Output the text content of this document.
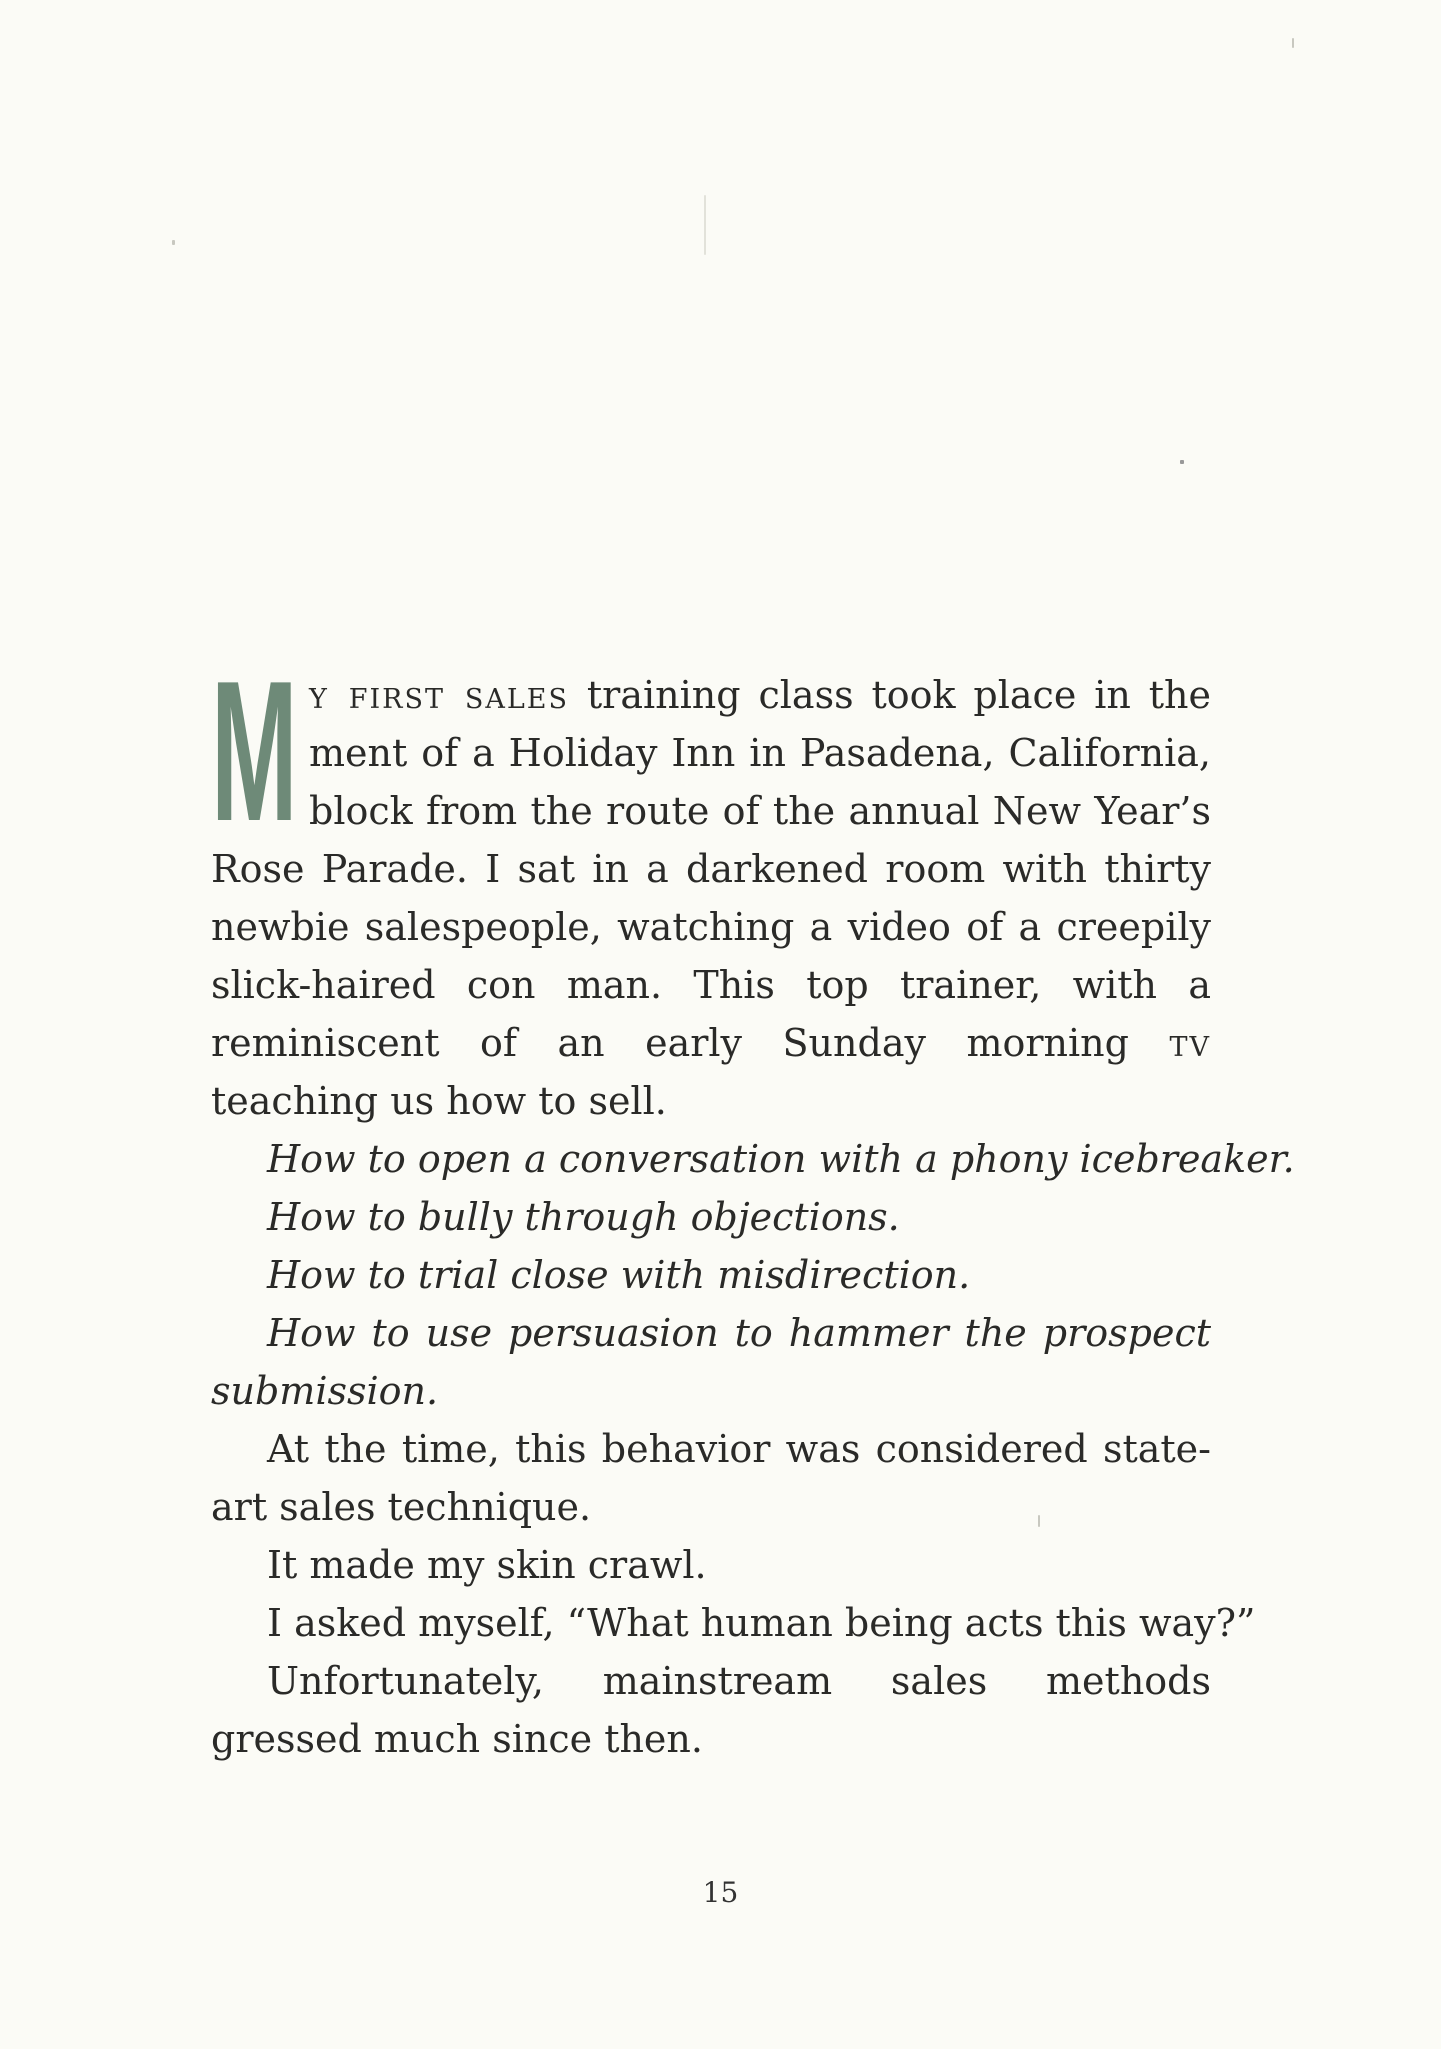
M y first sales training class took place in the
ment of a Holiday Inn in Pasadena, California,
block from the route of the annual New Year’s
Rose Parade. I sat in a darkened room with thirty
newbie salespeople, watching a video of a creepily
slick-haired con man. This top trainer, with a
reminiscent of an early Sunday morning tv
teaching us how to sell.
How to open a conversation with a phony icebreaker.
How to bully through objections.
How to trial close with misdirection.
How to use persuasion to hammer the prospect
submission.
At the time, this behavior was considered state-
art sales technique.
It made my skin crawl.
I asked myself, “What human being acts this way?”
Unfortunately, mainstream sales methods
gressed much since then.
15
